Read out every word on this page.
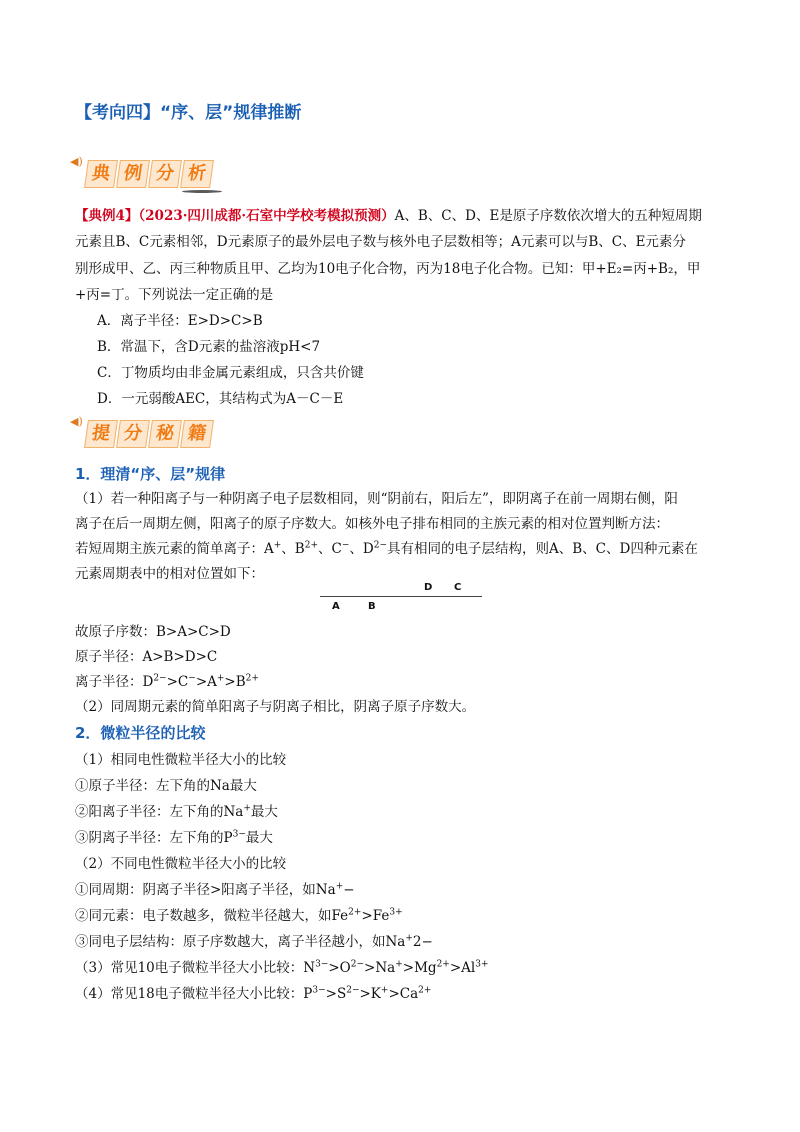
【考向四】“序、层”规律推断
◀)
典 例 分 析
【典例4】（2023·四川成都·石室中学校考模拟预测）A、B、C、D、E是原子序数依次增大的五种短周期
元素且B、C元素相邻，D元素原子的最外层电子数与核外电子层数相等；A元素可以与B、C、E元素分
别形成甲、乙、丙三种物质且甲、乙均为10电子化合物，丙为18电子化合物。已知：甲+E₂=丙+B₂，甲
+丙=丁。下列说法一定正确的是
A．离子半径：E>D>C>B
B．常温下，含D元素的盐溶液pH<7
C．丁物质均由非金属元素组成，只含共价键
D．一元弱酸AEC，其结构式为A－C－E
◀)
提 分 秘 籍
1．理清“序、层”规律
（1）若一种阳离子与一种阴离子电子层数相同，则“阴前右，阳后左”，即阴离子在前一周期右侧，阳
离子在后一周期左侧，阳离子的原子序数大。如核外电子排布相同的主族元素的相对位置判断方法：
若短周期主族元素的简单离子：A+、$B^{2+}$、C−、$D^{2-}$具有相同的电子层结构，则A、B、C、D四种元素在
元素周期表中的相对位置如下：
D C
A	B
故原子序数：B>A>C>D
原子半径：A>B>D>C
离子半径：$D^{2-}>C^->A^+>B^{2+}$
（2）同周期元素的简单阳离子与阴离子相比，阴离子原子序数大。
2．微粒半径的比较
（1）相同电性微粒半径大小的比较
①原子半径：左下角的Na最大
②阳离子半径：左下角的Na+最大
③阴离子半径：左下角的$P^{3-}$最大
（2）不同电性微粒半径大小的比较
①同周期：阴离子半径>阳离子半径，如Na+−
②同元素：电子数越多，微粒半径越大，如$Fe^{2+}>Fe^{3+}$
③同电子层结构：原子序数越大，离子半径越小，如Na+2−
（3）常见10电子微粒半径大小比较：$N^{3-}>O^{2-}>Na^+>Mg^{2+}>Al^{3+}$
（4）常见18电子微粒半径大小比较：$P^{3-}>S^{2-}>K^+>Ca^{2+}$
